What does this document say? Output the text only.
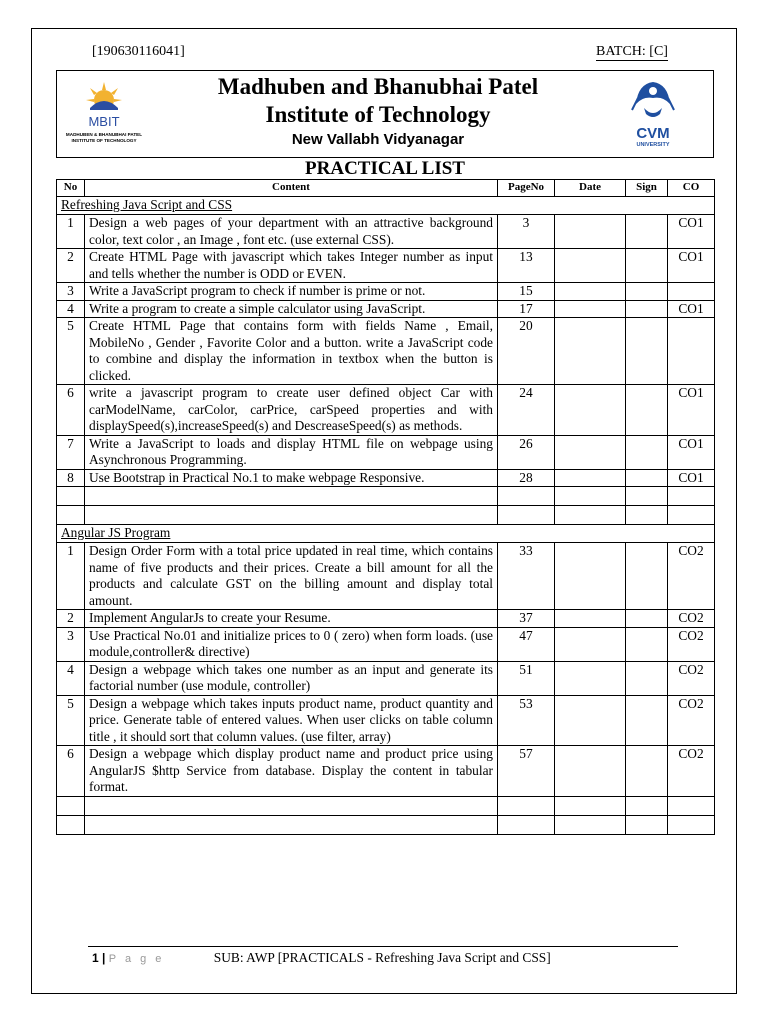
[190630116041]	BATCH: [C]
MBIT
MADHUBEN & BHANUBHAI PATEL
INSTITUTE OF TECHNOLOGY
Madhuben and Bhanubhai Patel
Institute of Technology
New Vallabh Vidyanagar	CVM
UNIVERSITY
PRACTICAL LIST
No	Content	PageNo	Date	Sign	CO
Refreshing Java Script and CSS					
1	Design a web pages of your department with an attractive background color, text color , an Image , font etc. (use external CSS).	3			CO1
2	Create HTML Page with javascript which takes Integer number as input and tells whether the number is ODD or EVEN.	13			CO1
3	Write a JavaScript program to check if number is prime or not.	15			
4	Write a program to create a simple calculator using JavaScript.	17			CO1
5	Create HTML Page that contains form with fields Name , Email, MobileNo , Gender , Favorite Color and a button. write a JavaScript code to combine and display the information in textbox when the button is clicked.	20			
6	write a javascript program to create user defined object Car with carModelName, carColor, carPrice, carSpeed properties and with displaySpeed(s),increaseSpeed(s) and DescreaseSpeed(s) as methods.	24			CO1
7	Write a JavaScript to loads and display HTML file on webpage using Asynchronous Programming.	26			CO1
8	Use Bootstrap in Practical No.1 to make webpage Responsive.	28			CO1

Angular JS Program					
1	Design Order Form with a total price updated in real time, which contains name of five products and their prices. Create a bill amount for all the products and calculate GST on the billing amount and display total amount.	33			CO2
2	Implement AngularJs to create your Resume.	37			CO2
3	Use Practical No.01 and initialize prices to 0 ( zero) when form loads. (use module,controller& directive)	47			CO2
4	Design a webpage which takes one number as an input and generate its factorial number (use module, controller)	51			CO2
5	Design a webpage which takes inputs product name, product quantity and price. Generate table of entered values. When user clicks on table column title , it should sort that column values. (use filter, array)	53			CO2
6	Design a webpage which display product name and product price using AngularJS $http Service from database. Display the content in tabular format.	57			CO2

1 | P a g e	SUB: AWP [PRACTICALS - Refreshing Java Script and CSS]
